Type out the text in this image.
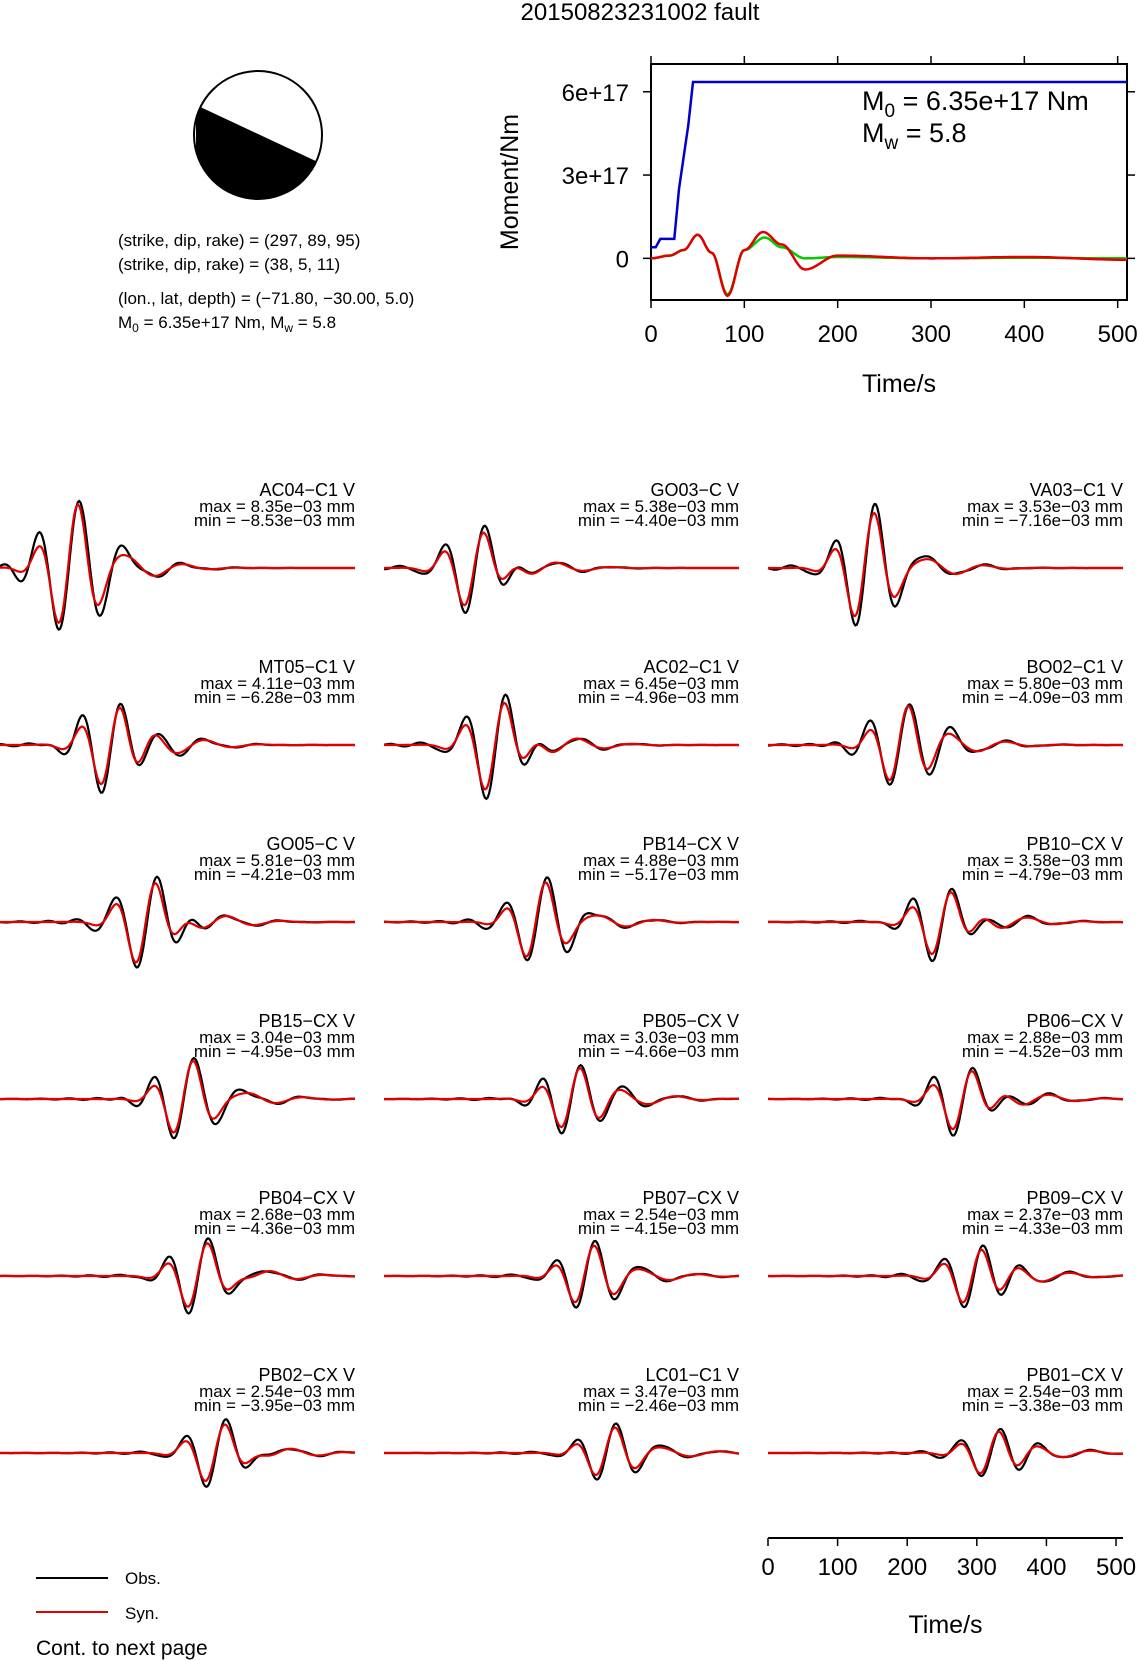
20150823231002 fault
(strike, dip, rake) = (297, 89, 95)
(strike, dip, rake) = (38, 5, 11)
(lon., lat, depth) = (−71.80, −30.00, 5.0)
$M_0 = 6.35e+17$ Nm, $M_w = 5.8$
6e+17
3e+17
0
0	100 200 300 400 500
Time/s
Moment/Nm
$M_0 = 6.35e+17$ Nm
$M_w = 5.8$
AC04−C1 V
max = 8.35e−03 mm
min = −8.53e−03 mm
GO03−C V
max = 5.38e−03 mm
min = −4.40e−03 mm
VA03−C1 V
max = 3.53e−03 mm
min = −7.16e−03 mm
MT05−C1 V
max = 4.11e−03 mm
min = −6.28e−03 mm
AC02−C1 V
max = 6.45e−03 mm
min = −4.96e−03 mm
BO02−C1 V
max = 5.80e−03 mm
min = −4.09e−03 mm
GO05−C V
max = 5.81e−03 mm
min = −4.21e−03 mm
PB14−CX V
max = 4.88e−03 mm
min = −5.17e−03 mm
PB10−CX V
max = 3.58e−03 mm
min = −4.79e−03 mm
PB15−CX V
max = 3.04e−03 mm
min = −4.95e−03 mm
PB05−CX V
max = 3.03e−03 mm
min = −4.66e−03 mm
PB06−CX V
max = 2.88e−03 mm
min = −4.52e−03 mm
PB04−CX V
max = 2.68e−03 mm
min = −4.36e−03 mm
PB07−CX V
max = 2.54e−03 mm
min = −4.15e−03 mm
PB09−CX V
max = 2.37e−03 mm
min = −4.33e−03 mm
PB02−CX V
max = 2.54e−03 mm
min = −3.95e−03 mm
LC01−C1 V
max = 3.47e−03 mm
min = −2.46e−03 mm
PB01−CX V
max = 2.54e−03 mm
min = −3.38e−03 mm
0 100 200 300 400 500
Time/s
Obs.
Syn.
Cont. to next page
